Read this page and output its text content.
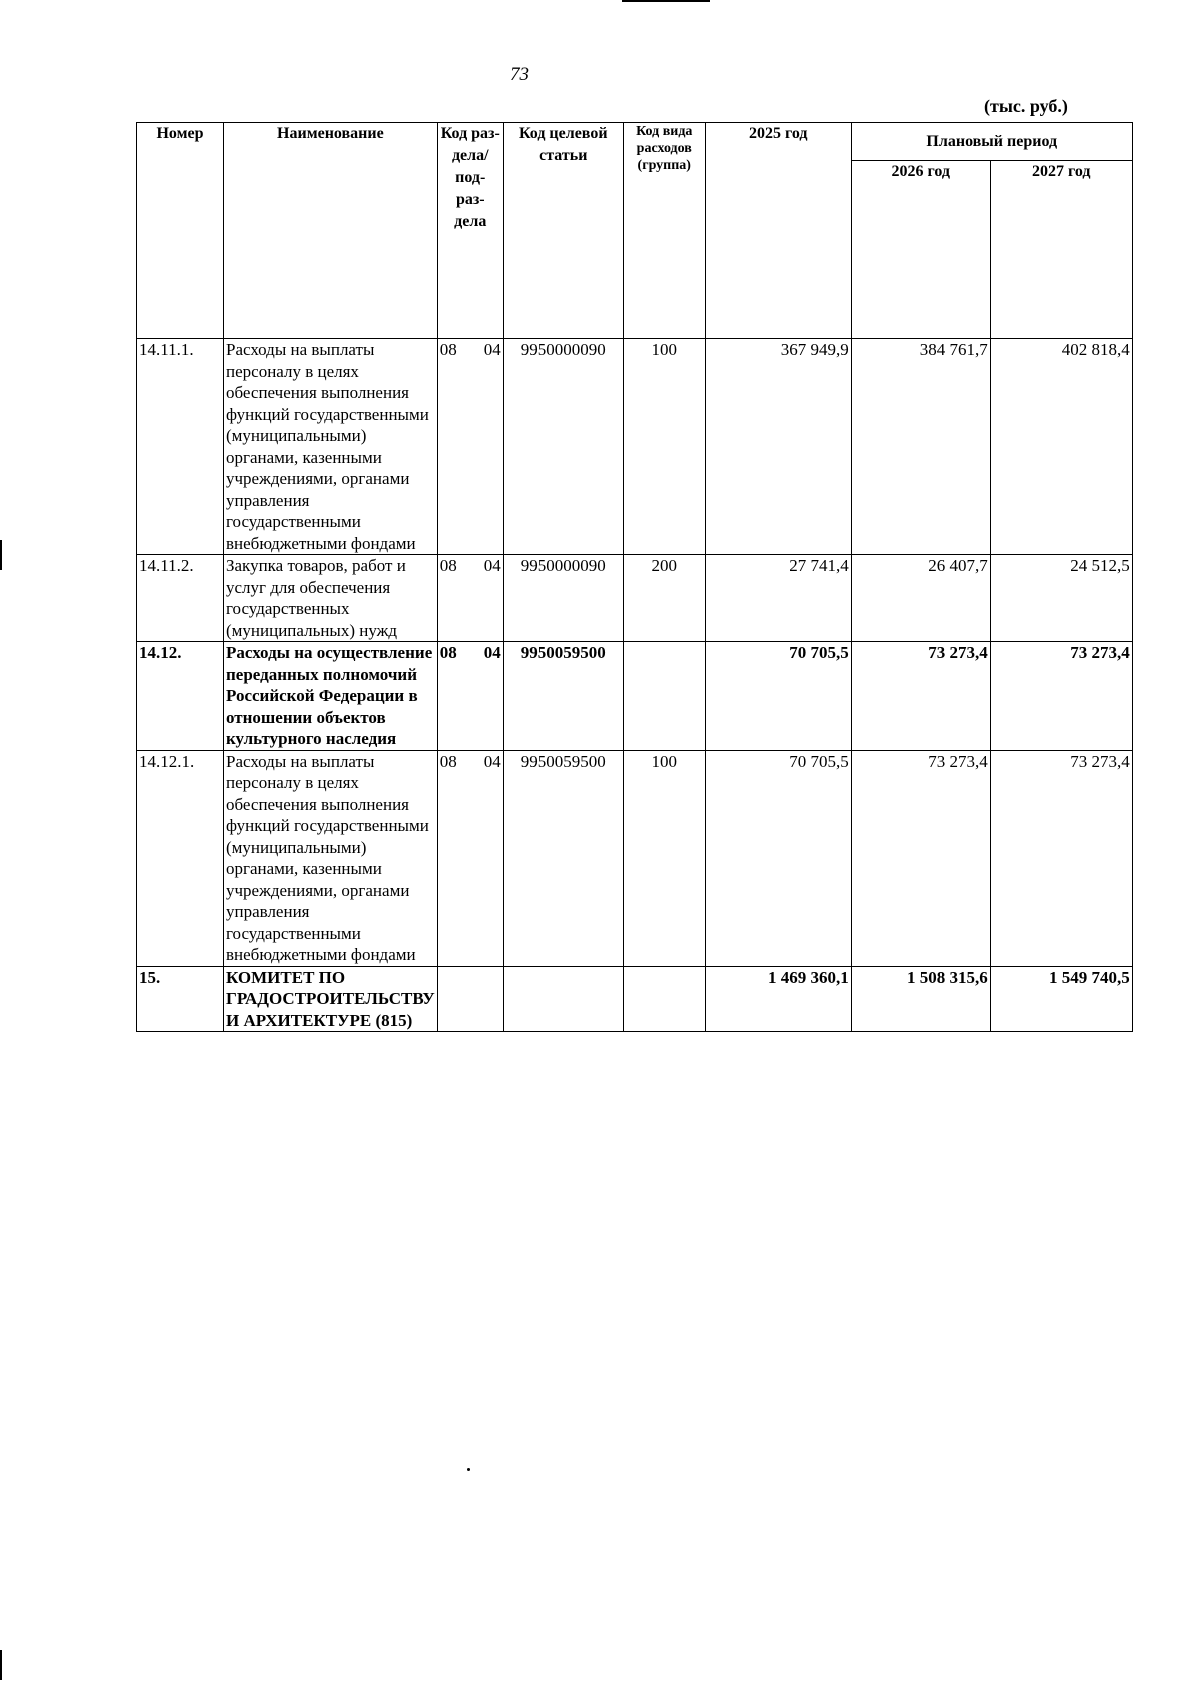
73
(тыс. руб.)
Номер	Наименование	Код раз- дела/ под- раз- дела	Код целевой статьи	Код вида расходов (группа)	2025 год	Плановый период	
						2026 год	2027 год
14.11.1.	Расходы на выплаты персоналу в целях обеспечения выполнения функций государственными (муниципальными) органами, казенными учреждениями, органами управления государственными внебюджетными фондами	08 04	9950000090	100	367 949,9	384 761,7	402 818,4
14.11.2.	Закупка товаров, работ и услуг для обеспечения государственных (муниципальных) нужд	08 04	9950000090	200	27 741,4	26 407,7	24 512,5
14.12.	Расходы на осуществление переданных полномочий Российской Федерации в отношении объектов культурного наследия	08 04	9950059500		70 705,5	73 273,4	73 273,4
14.12.1.	Расходы на выплаты персоналу в целях обеспечения выполнения функций государственными (муниципальными) органами, казенными учреждениями, органами управления государственными внебюджетными фондами	08 04	9950059500	100	70 705,5	73 273,4	73 273,4
15.	КОМИТЕТ ПО ГРАДОСТРОИТЕЛЬСТВУ И АРХИТЕКТУРЕ (815)				1 469 360,1	1 508 315,6	1 549 740,5
